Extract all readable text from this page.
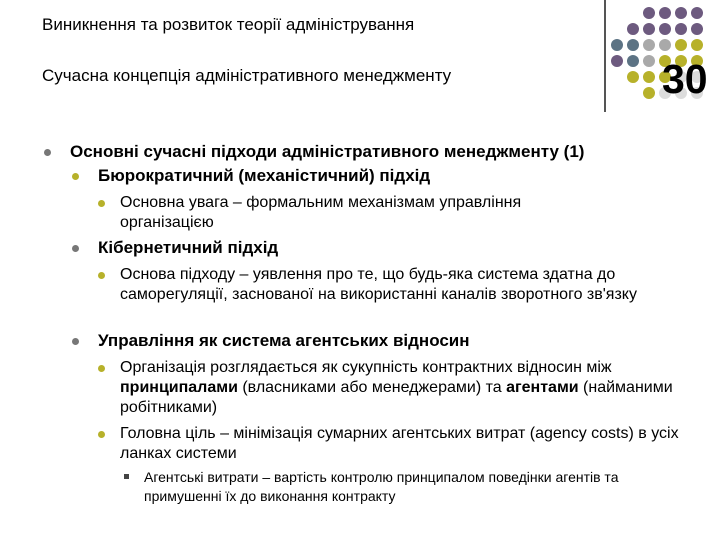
Виникнення та розвиток теорії адміністрування
Сучасна концепція адміністративного менеджменту	30
Основні сучасні підходи адміністративного менеджменту (1)
Бюрократичний (механістичний) підхід
Основна увага – формальним механізмам управління організацією
Кібернетичний підхід
Основа підходу – уявлення про те, що будь-яка система здатна до саморегуляції, заснованої на використанні каналів зворотного зв'язку
Управління як система агентських відносин
Організація розглядається як сукупність контрактних відносин між принципалами (власниками або менеджерами) та агентами (найманими робітниками)
Головна ціль – мінімізація сумарних агентських витрат (agency costs) в усіх ланках системи
Агентські витрати – вартість контролю принципалом поведінки агентів та примушенні їх до виконання контракту
